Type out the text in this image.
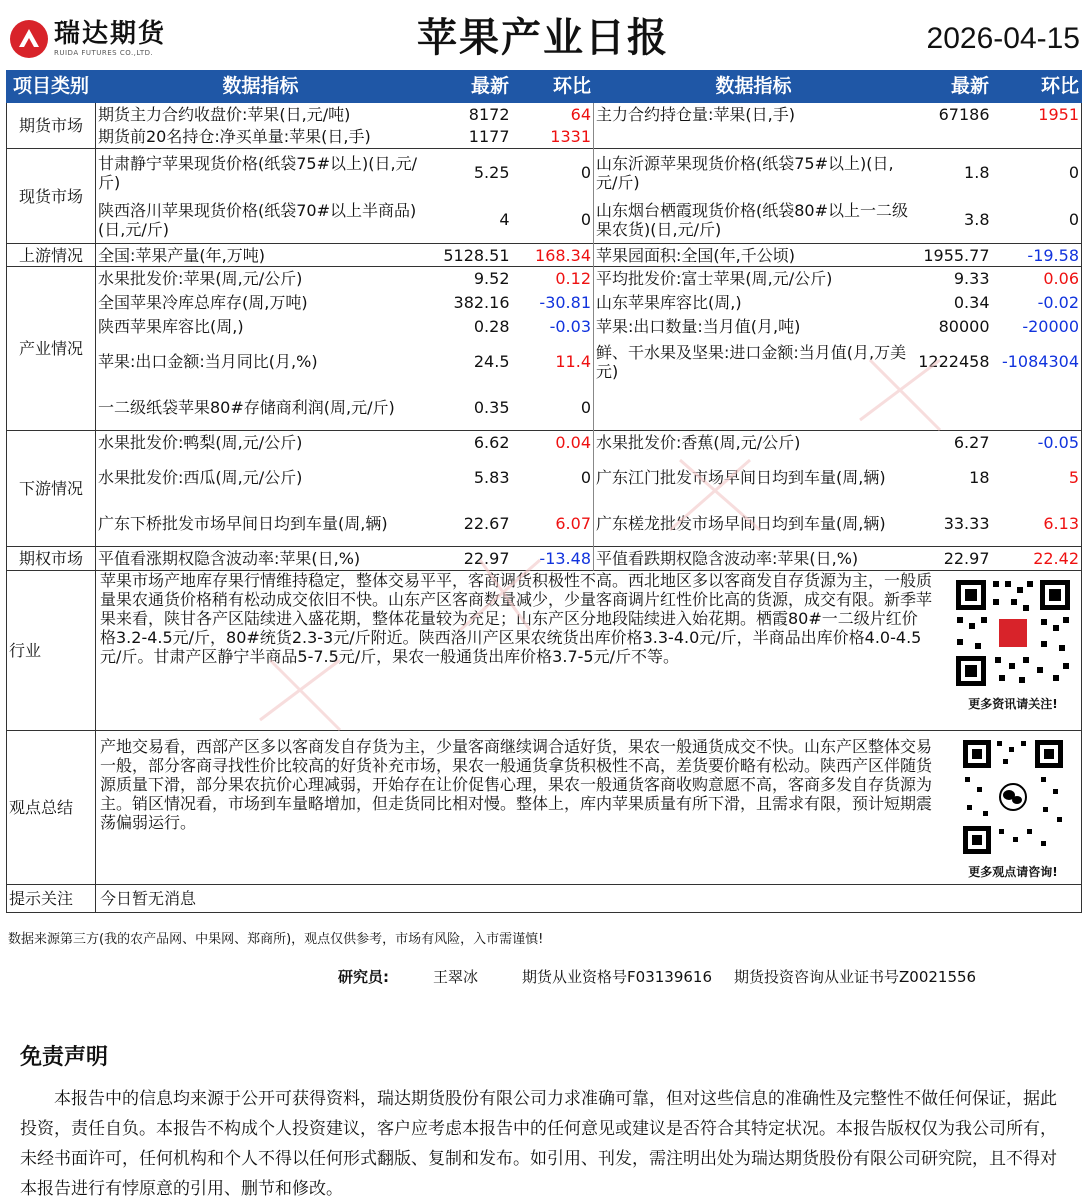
瑞达期货
RUIDA FUTURES CO.,LTD.	苹果产业日报	2026-04-15
项目类别	数据指标	最新	环比	数据指标	最新	环比
期货市场	期货主力合约收盘价:苹果(日,元/吨)	8172	64	主力合约持仓量:苹果(日,手)	67186	1951
	期货前20名持仓:净买单量:苹果(日,手)	1177	1331			
现货市场	甘肃静宁苹果现货价格(纸袋75#以上)(日,元/斤)	5.25	0	山东沂源苹果现货价格(纸袋75#以上)(日,元/斤)	1.8	0
	陕西洛川苹果现货价格(纸袋70#以上半商品)(日,元/斤)	4	0	山东烟台栖霞现货价格(纸袋80#以上一二级果农货)(日,元/斤)	3.8	0
上游情况	全国:苹果产量(年,万吨)	5128.51	168.34	苹果园面积:全国(年,千公顷)	1955.77	-19.58
产业情况	水果批发价:苹果(周,元/公斤)	9.52	0.12	平均批发价:富士苹果(周,元/公斤)	9.33	0.06
	全国苹果冷库总库存(周,万吨)	382.16	-30.81	山东苹果库容比(周,)	0.34	-0.02
	陕西苹果库容比(周,)	0.28	-0.03	苹果:出口数量:当月值(月,吨)	80000	-20000
	苹果:出口金额:当月同比(月,%)	24.5	11.4	鲜、干水果及坚果:进口金额:当月值(月,万美元)	1222458	-1084304
	一二级纸袋苹果80#存储商利润(周,元/斤)	0.35	0			
下游情况	水果批发价:鸭梨(周,元/公斤)	6.62	0.04	水果批发价:香蕉(周,元/公斤)	6.27	-0.05
	水果批发价:西瓜(周,元/公斤)	5.83	0	广东江门批发市场早间日均到车量(周,辆)	18	5
	广东下桥批发市场早间日均到车量(周,辆)	22.67	6.07	广东槎龙批发市场早间日均到车量(周,辆)	33.33	6.13
期权市场	平值看涨期权隐含波动率:苹果(日,%)	22.97	-13.48	平值看跌期权隐含波动率:苹果(日,%)	22.97	22.42
行业	苹果市场产地库存果行情维持稳定，整体交易平平，客商调货积极性不高。西北地区多以客商发自存货源为主，一般质量果农通货价格稍有松动成交依旧不快。山东产区客商数量减少，少量客商调片红性价比高的货源，成交有限。新季苹果来看，陕甘各产区陆续进入盛花期，整体花量较为充足；山东产区分地段陆续进入始花期。栖霞80#一二级片红价格3.2-4.5元/斤，80#统货2.3-3元/斤附近。陕西洛川产区果农统货出库价格3.3-4.0元/斤，半商品出库价格4.0-4.5元/斤。甘肃产区静宁半商品5-7.5元/斤，果农一般通货出库价格3.7-5元/斤不等。
更多资讯请关注!					

观点总结	产地交易看，西部产区多以客商发自存货为主，少量客商继续调合适好货，果农一般通货成交不快。山东产区整体交易一般，部分客商寻找性价比较高的好货补充市场，果农一般通货拿货积极性不高，差货要价略有松动。陕西产区伴随货源质量下滑，部分果农抗价心理减弱，开始存在让价促售心理，果农一般通货客商收购意愿不高，客商多发自存货源为主。销区情况看，市场到车量略增加，但走货同比相对慢。整体上，库内苹果质量有所下滑，且需求有限，预计短期震荡偏弱运行。
更多观点请咨询!					

提示关注	今日暂无消息					
数据来源第三方(我的农产品网、中果网、郑商所)，观点仅供参考，市场有风险，入市需谨慎!
研究员:	王翠冰	期货从业资格号F03139616 期货投资咨询从业证书号Z0021556
免责声明
本报告中的信息均来源于公开可获得资料，瑞达期货股份有限公司力求准确可靠，但对这些信息的准确性及完整性不做任何保证，据此投资，责任自负。本报告不构成个人投资建议，客户应考虑本报告中的任何意见或建议是否符合其特定状况。本报告版权仅为我公司所有，未经书面许可，任何机构和个人不得以任何形式翻版、复制和发布。如引用、刊发，需注明出处为瑞达期货股份有限公司研究院，且不得对本报告进行有悖原意的引用、删节和修改。
